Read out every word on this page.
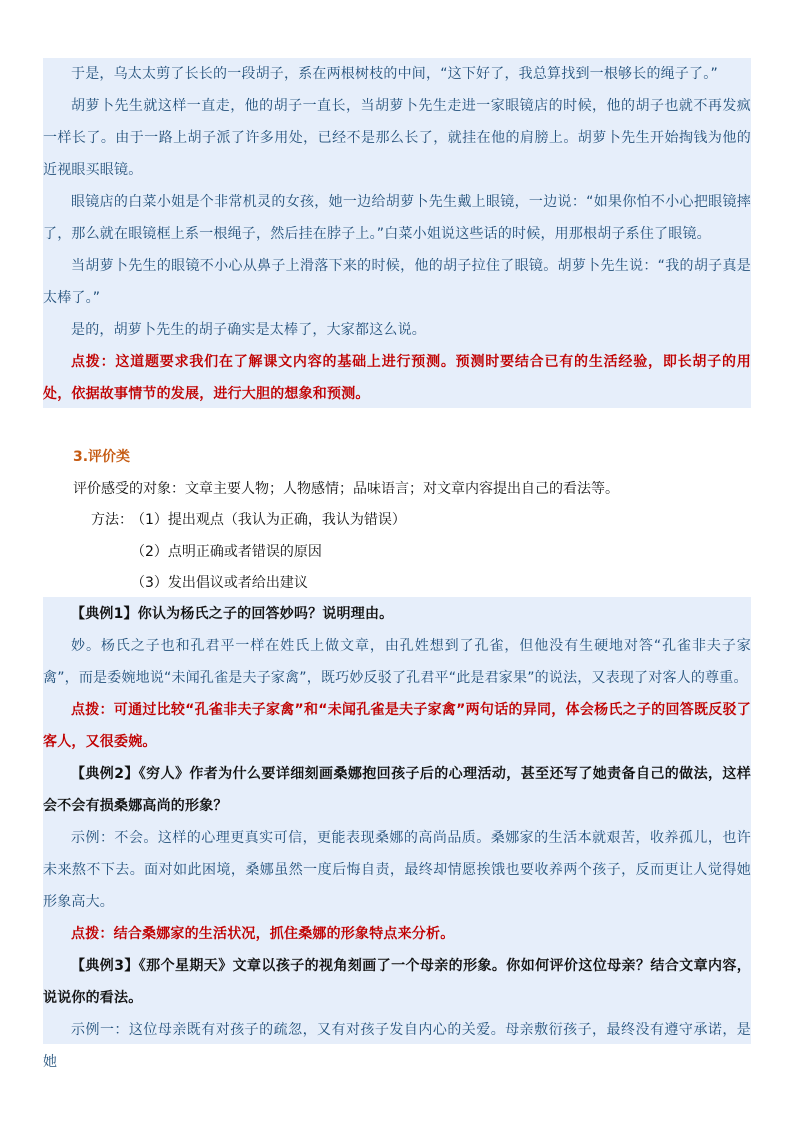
于是，乌太太剪了长长的一段胡子，系在两根树枝的中间，“这下好了，我总算找到一根够长的绳子了。”

胡萝卜先生就这样一直走，他的胡子一直长，当胡萝卜先生走进一家眼镜店的时候，他的胡子也就不再发疯一样长了。由于一路上胡子派了许多用处，已经不是那么长了，就挂在他的肩膀上。胡萝卜先生开始掏钱为他的近视眼买眼镜。

眼镜店的白菜小姐是个非常机灵的女孩，她一边给胡萝卜先生戴上眼镜，一边说：“如果你怕不小心把眼镜摔了，那么就在眼镜框上系一根绳子，然后挂在脖子上。”白菜小姐说这些话的时候，用那根胡子系住了眼镜。

当胡萝卜先生的眼镜不小心从鼻子上滑落下来的时候，他的胡子拉住了眼镜。胡萝卜先生说：“我的胡子真是太棒了。”

是的，胡萝卜先生的胡子确实是太棒了，大家都这么说。

点拨：这道题要求我们在了解课文内容的基础上进行预测。预测时要结合已有的生活经验，即长胡子的用处，依据故事情节的发展，进行大胆的想象和预测。

3.评价类
评价感受的对象：文章主要人物；人物感情；品味语言；对文章内容提出自己的看法等。
方法：
（1）提出观点（我认为正确，我认为错误）
（2）点明正确或者错误的原因
（3）发出倡议或者给出建议

【典例1】你认为杨氏之子的回答妙吗？说明理由。

妙。杨氏之子也和孔君平一样在姓氏上做文章，由孔姓想到了孔雀，但他没有生硬地对答“孔雀非夫子家禽”，而是委婉地说“未闻孔雀是夫子家禽”，既巧妙反驳了孔君平“此是君家果”的说法，又表现了对客人的尊重。

点拨：可通过比较“孔雀非夫子家禽”和“未闻孔雀是夫子家禽”两句话的异同，体会杨氏之子的回答既反驳了客人，又很委婉。

【典例2】《穷人》作者为什么要详细刻画桑娜抱回孩子后的心理活动，甚至还写了她责备自己的做法，这样会不会有损桑娜高尚的形象？

示例：不会。这样的心理更真实可信，更能表现桑娜的高尚品质。桑娜家的生活本就艰苦，收养孤儿，也许未来熬不下去。面对如此困境，桑娜虽然一度后悔自责，最终却情愿挨饿也要收养两个孩子，反而更让人觉得她形象高大。

点拨：结合桑娜家的生活状况，抓住桑娜的形象特点来分析。

【典例3】《那个星期天》文章以孩子的视角刻画了一个母亲的形象。你如何评价这位母亲？结合文章内容，说说你的看法。

示例一：这位母亲既有对孩子的疏忽，又有对孩子发自内心的关爱。母亲敷衍孩子，最终没有遵守承诺，是她
